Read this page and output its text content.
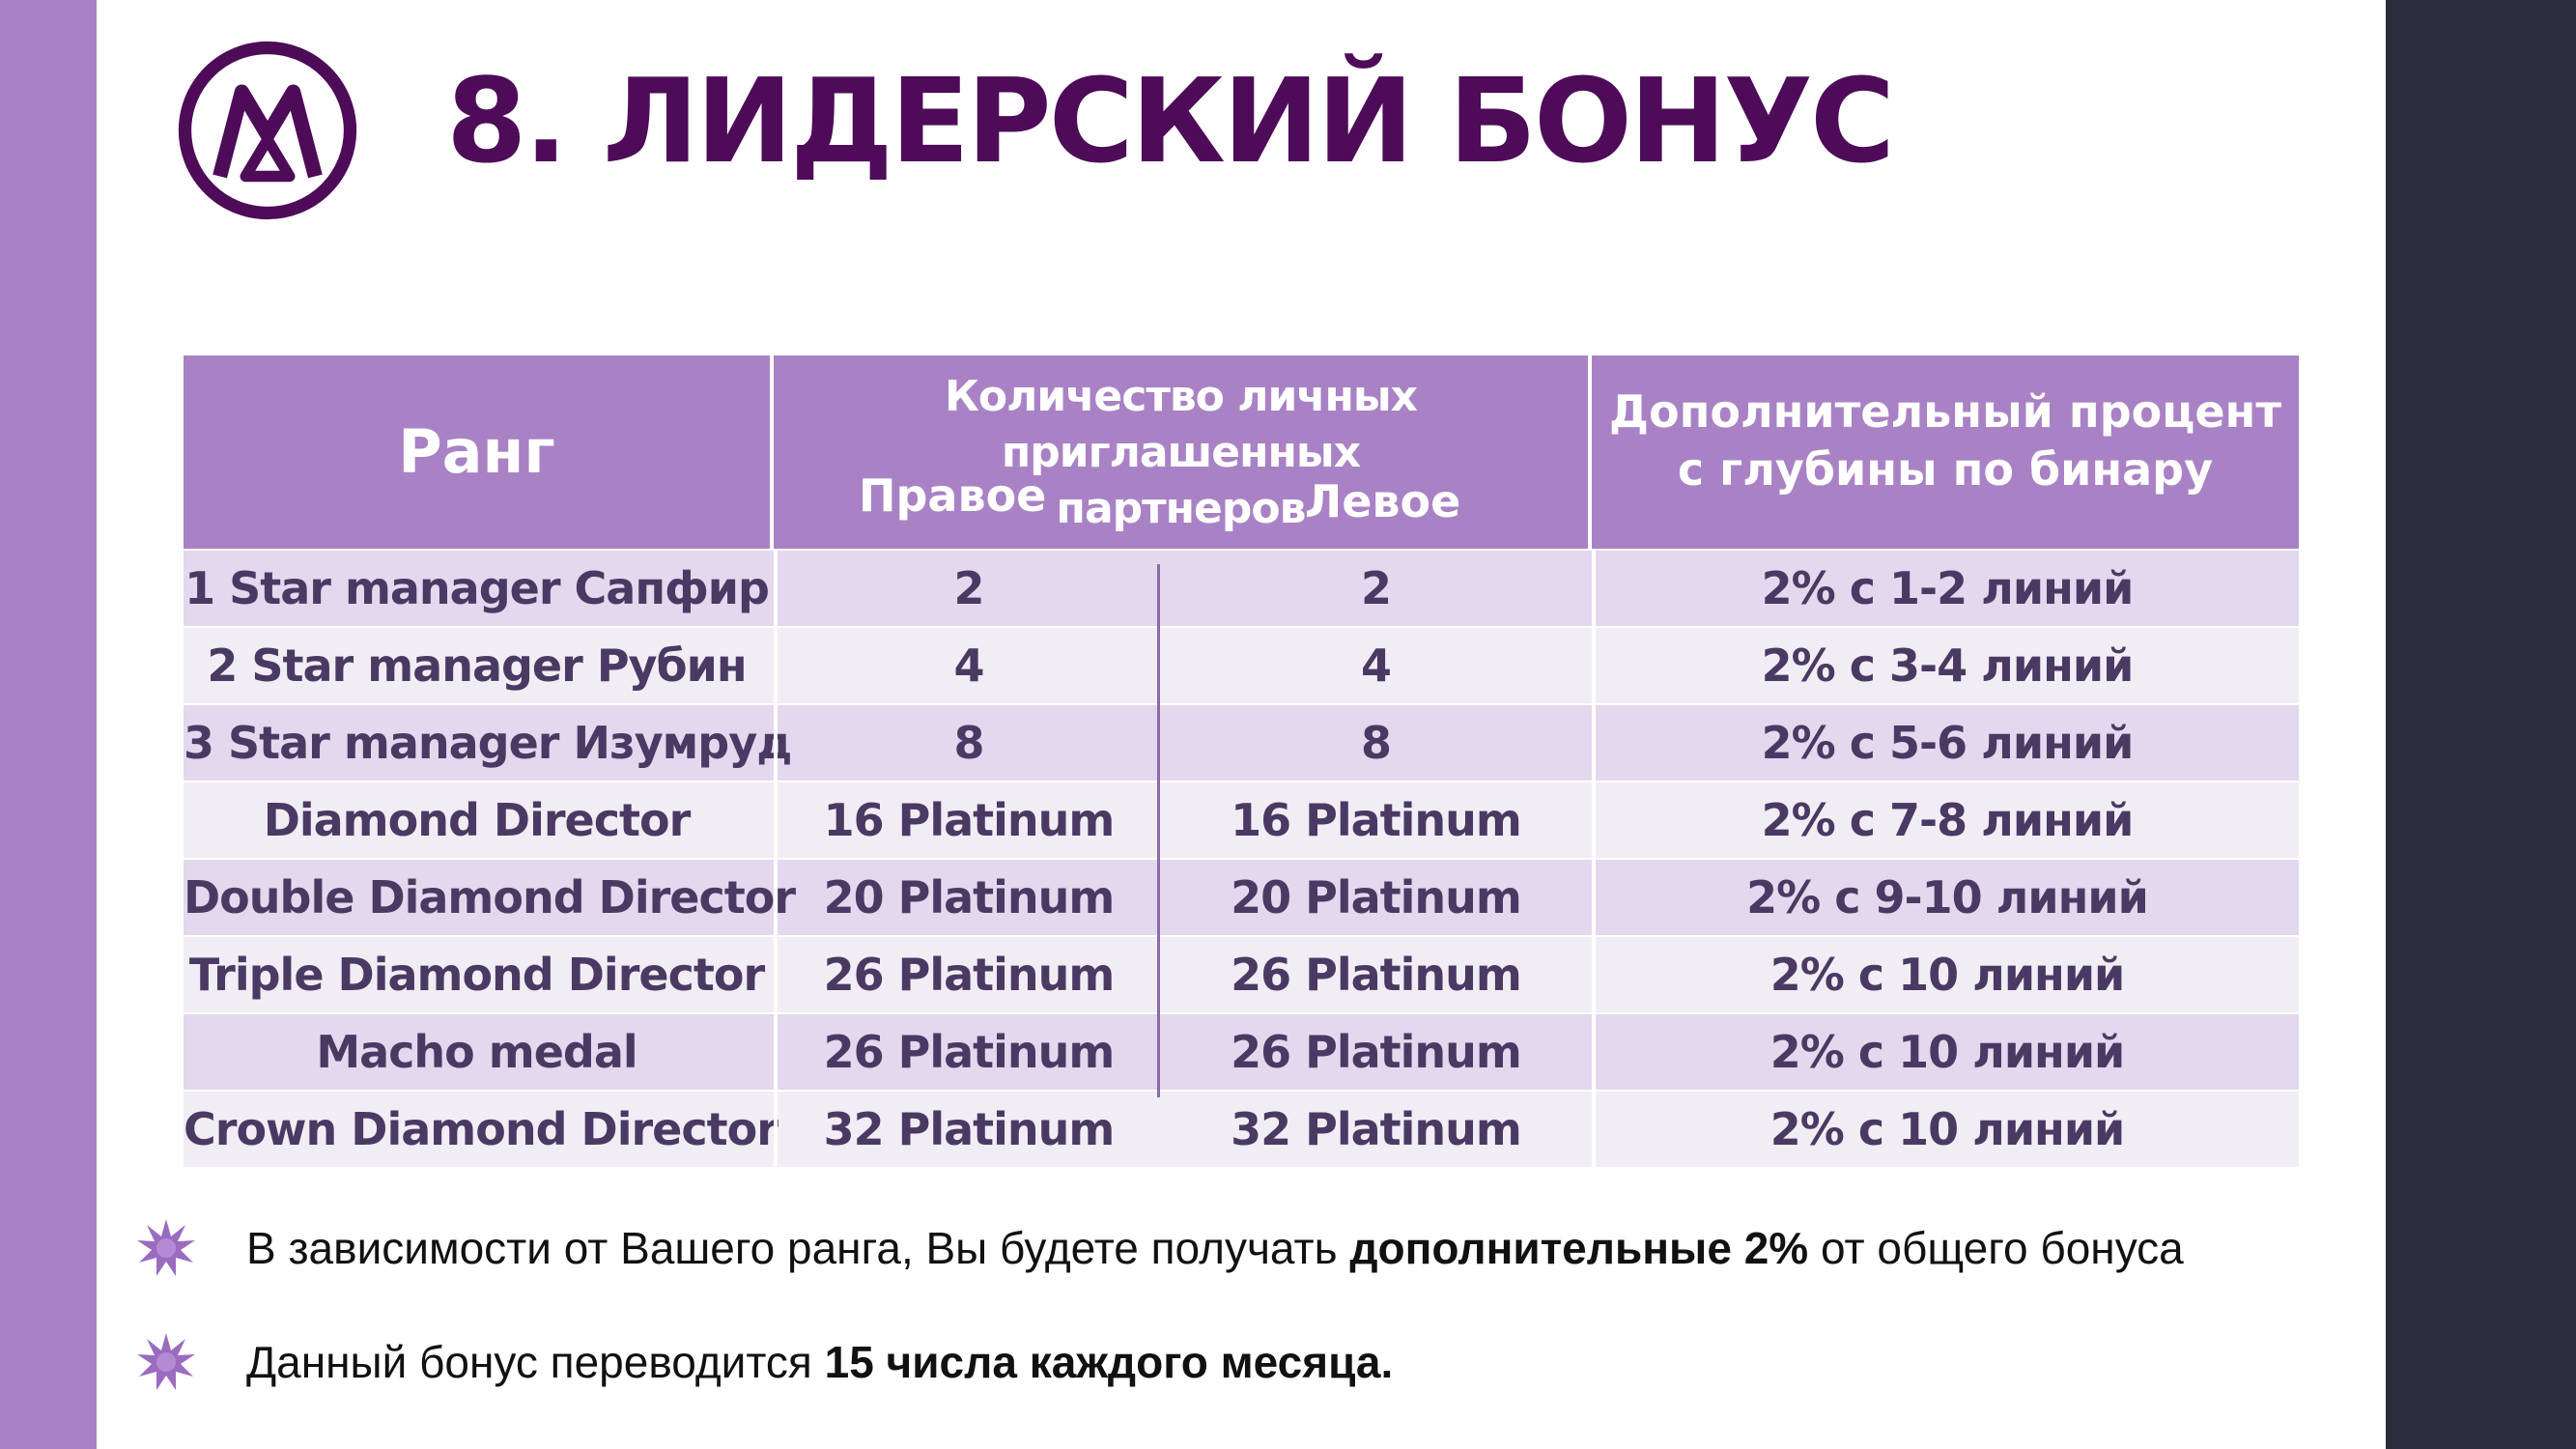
8. ЛИДЕРСКИЙ БОНУС
Ранг
Количество личных приглашенных
партнеров
Правое	Левое
Дополнительный процент
с глубины по бинару
1 Star manager Сапфир	2	2	2% с 1-2 линий
2 Star manager Рубин	4	4	2% с 3-4 линий
3 Star manager Изумруд	8	8	2% с 5-6 линий
Diamond Director	16 Platinum	16 Platinum	2% с 7-8 линий
Double Diamond Director 20 Platinum	20 Platinum	2% с 9-10 линий
Triple Diamond Director	26 Platinum	26 Platinum	2% с 10 линий
Macho medal	26 Platinum	26 Platinum	2% с 10 линий
Crown Diamond Director	32 Platinum	32 Platinum	2% с 10 линий
В зависимости от Вашего ранга, Вы будете получать дополнительные 2% от общего бонуса
Данный бонус переводится 15 числа каждого месяца.
